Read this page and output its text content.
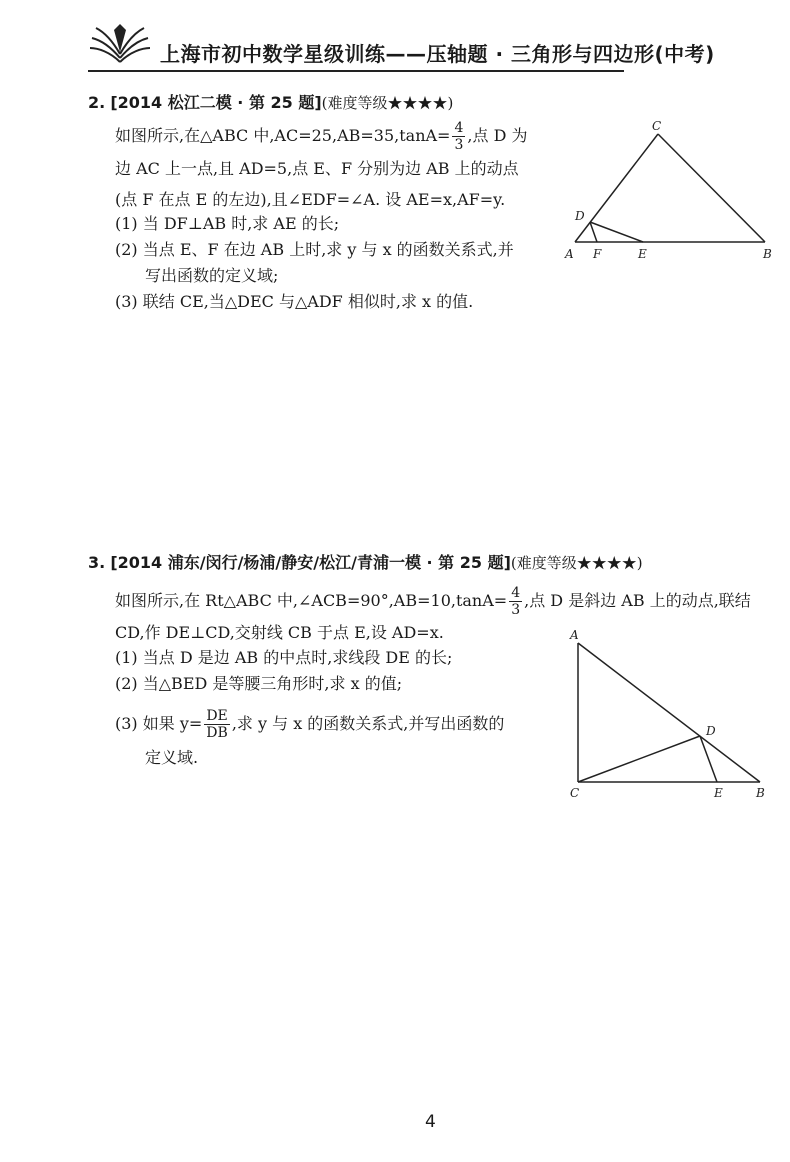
上海市初中数学星级训练——压轴题 · 三角形与四边形(中考)
2. [2014 松江二模 · 第 25 题](难度等级★★★★)
如图所示,在△ABC 中$,AC=25,AB=35,\tan A= \frac{4}{3}$ ,点 D 为
边 AC 上一点,且 AD=5,点 E、F 分别为边 AB 上的动点
(点 F 在点 E 的左边),且∠EDF=∠A. 设 AE=x,AF=y.
(1) 当 DF⊥AB 时,求 AE 的长;
(2) 当点 E、F 在边 AB 上时,求 y 与 x 的函数关系式,并
写出函数的定义域;
(3) 联结 CE,当△DEC 与△ADF 相似时,求 x 的值.
C
D
A F	E	B
3. [2014 浦东/闵行/杨浦/静安/松江/青浦一模 · 第 25 题](难度等级★★★★)
如图所示,在 Rt△ABC 中,∠ACB=90°,AB=10,tanA= $\frac{4}{3}$ ,点 D 是斜边 AB 上的动点,联结
CD,作 DE⊥CD,交射线 CB 于点 E,设 AD=x.
(1) 当点 D 是边 AB 的中点时,求线段 DE 的长;
(2) 当△BED 是等腰三角形时,求 x 的值;
(3) 如果 $y= \frac{DE}{DB}$ ,求 y 与 x 的函数关系式,并写出函数的
定义域.
A
D
C	E	B
4
